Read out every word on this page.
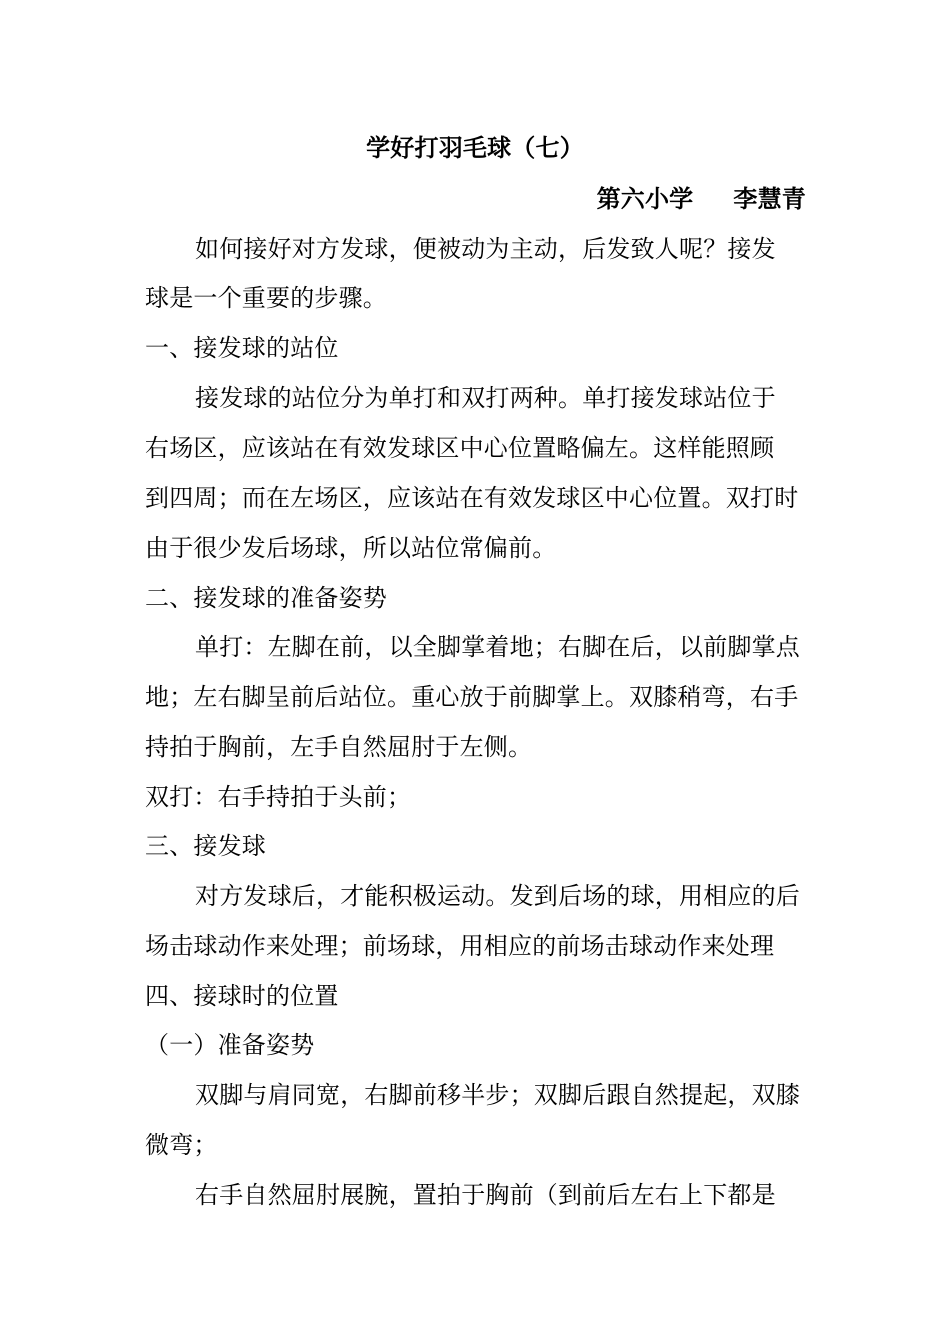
学好打羽毛球（七）
第六小学 李慧青
如何接好对方发球，便被动为主动，后发致人呢？接发
球是一个重要的步骤。
一、接发球的站位
接发球的站位分为单打和双打两种。单打接发球站位于
右场区，应该站在有效发球区中心位置略偏左。这样能照顾
到四周；而在左场区，应该站在有效发球区中心位置。双打时
由于很少发后场球，所以站位常偏前。
二、接发球的准备姿势
单打：左脚在前，以全脚掌着地；右脚在后，以前脚掌点
地；左右脚呈前后站位。重心放于前脚掌上。双膝稍弯，右手
持拍于胸前，左手自然屈肘于左侧。
双打：右手持拍于头前；
三、接发球
对方发球后，才能积极运动。发到后场的球，用相应的后
场击球动作来处理；前场球，用相应的前场击球动作来处理
四、接球时的位置
（一）准备姿势
双脚与肩同宽，右脚前移半步；双脚后跟自然提起，双膝
微弯；
右手自然屈肘展腕，置拍于胸前（到前后左右上下都是
